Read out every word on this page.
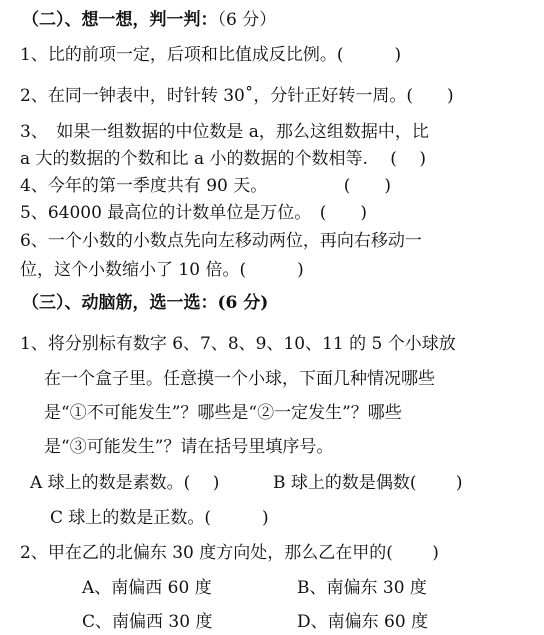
（二）、想一想，判一判：（6 分）
1、比的前项一定，后项和比值成反比例。(　　　)
2、在同一钟表中，时针转 30˚，分针正好转一周。(　　)
3、　如果一组数据的中位数是 a，那么这组数据中，比
a 大的数据的个数和比 a 小的数据的个数相等.　 (　 )
4、今年的第一季度共有 90 天。　　　　　(　　)
5、64000 最高位的计数单位是万位。　(　　)
6、一个小数的小数点先向左移动两位，再向右移动一
位，这个小数缩小了 10 倍。(　　　)
（三）、动脑筋，选一选：(6 分)
1、将分别标有数字 6、7、8、9、10、11 的 5 个小球放
在一个盒子里。任意摸一个小球，下面几种情况哪些
是“①不可能发生”？哪些是“②一定发生”？哪些
是“③可能发生”？请在括号里填序号。
A 球上的数是素数。(　 )	B 球上的数是偶数(　 　)
C 球上的数是正数。(　　　)
2、甲在乙的北偏东 30 度方向处，那么乙在甲的(　 　)
A、南偏西 60 度	B、南偏东 30 度
C、南偏西 30 度	D、南偏东 60 度
